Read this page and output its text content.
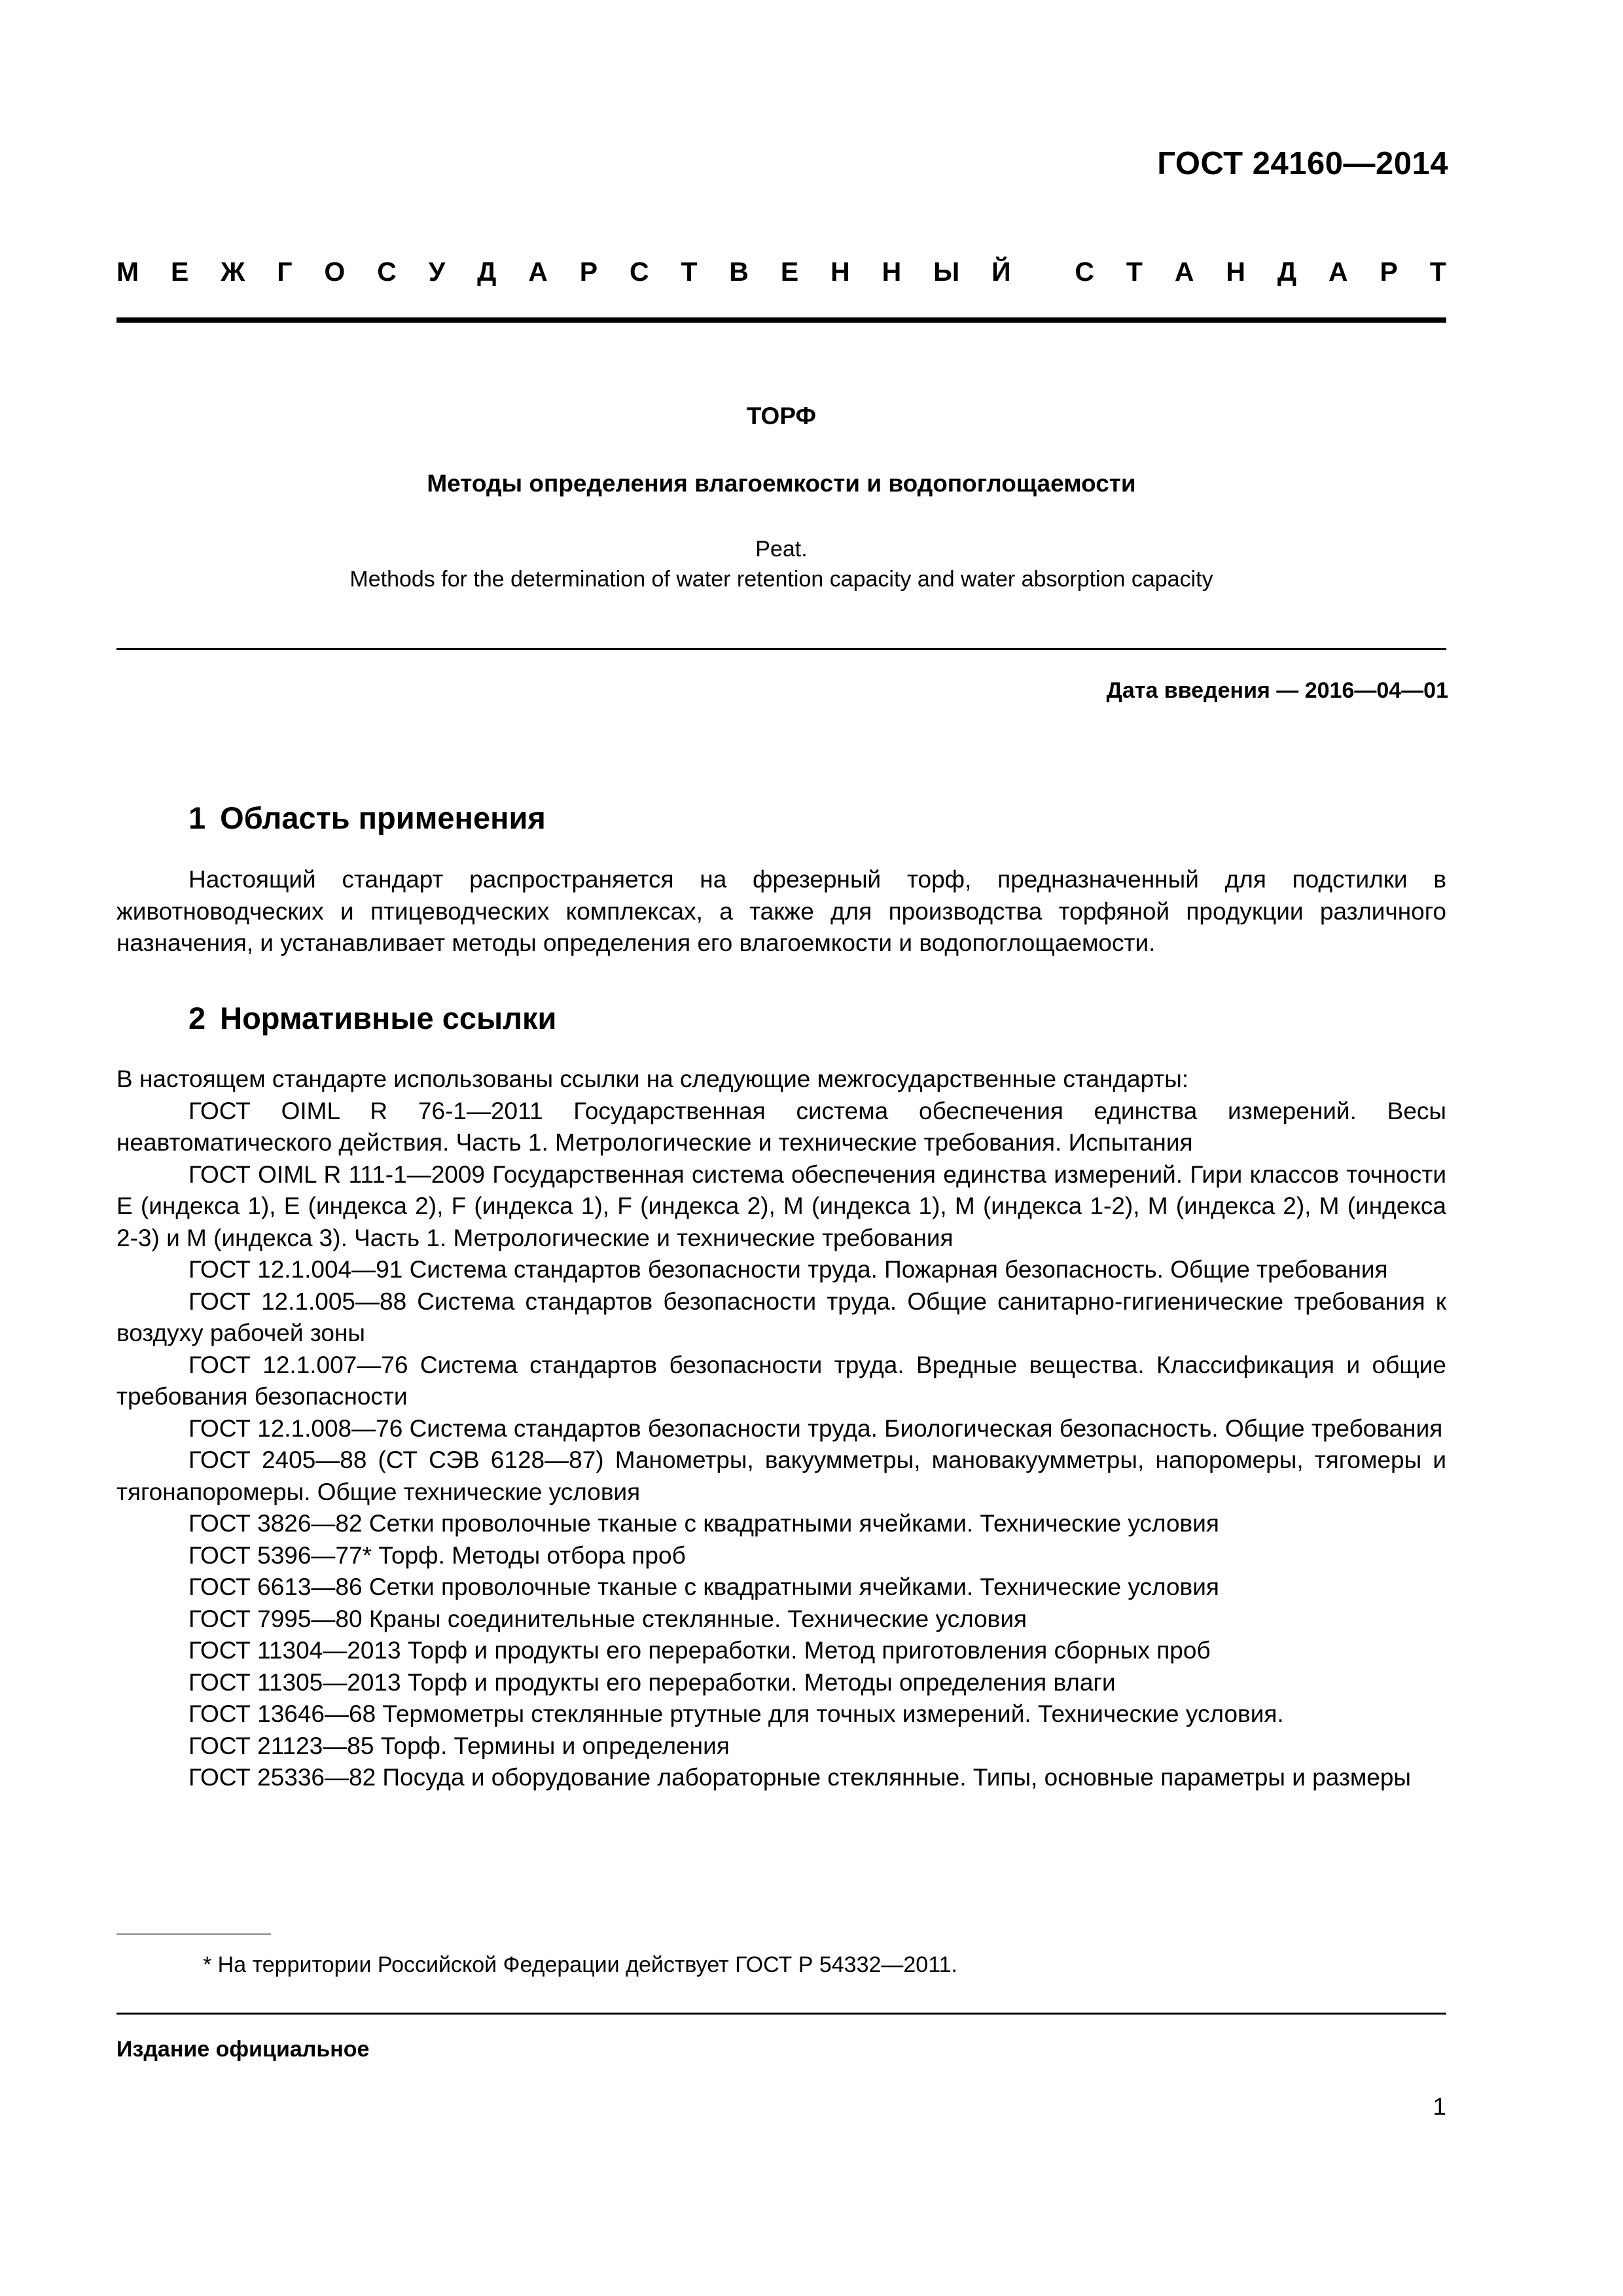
ГОСТ 24160—2014
М Е Ж Г О С У Д А Р С Т В Е Н Н Ы Й С Т А Н Д А Р Т
ТОРФ
Методы определения влагоемкости и водопоглощаемости
Peat.
Methods for the determination of water retention capacity and water absorption capacity
Дата введения — 2016—04—01
1 Область применения

Настоящий стандарт распространяется на фрезерный торф, предназначенный для подстилки в животноводческих и птицеводческих комплексах, а также для производства торфяной продукции различного назначения, и устанавливает методы определения его влагоемкости и водопоглощаемости.

2 Нормативные ссылки

В настоящем стандарте использованы ссылки на следующие межгосударственные стандарты:

ГОСТ OIML R 76-1—2011 Государственная система обеспечения единства измерений. Весы неавтоматического действия. Часть 1. Метрологические и технические требования. Испытания

ГОСТ OIML R 111-1—2009 Государственная система обеспечения единства измерений. Гири классов точности E (индекса 1), E (индекса 2), F (индекса 1), F (индекса 2), M (индекса 1), M (индекса 1-2), M (индекса 2), M (индекса 2-3) и M (индекса 3). Часть 1. Метрологические и технические требования

ГОСТ 12.1.004—91 Система стандартов безопасности труда. Пожарная безопасность. Общие требования

ГОСТ 12.1.005—88 Система стандартов безопасности труда. Общие санитарно-гигиенические требования к воздуху рабочей зоны

ГОСТ 12.1.007—76 Система стандартов безопасности труда. Вредные вещества. Классификация и общие требования безопасности

ГОСТ 12.1.008—76 Система стандартов безопасности труда. Биологическая безопасность. Общие требования

ГОСТ 2405—88 (СТ СЭВ 6128—87) Манометры, вакуумметры, мановакуумметры, напоромеры, тягомеры и тягонапоромеры. Общие технические условия

ГОСТ 3826—82 Сетки проволочные тканые с квадратными ячейками. Технические условия

ГОСТ 5396—77* Торф. Методы отбора проб

ГОСТ 6613—86 Сетки проволочные тканые с квадратными ячейками. Технические условия

ГОСТ 7995—80 Краны соединительные стеклянные. Технические условия

ГОСТ 11304—2013 Торф и продукты его переработки. Метод приготовления сборных проб

ГОСТ 11305—2013 Торф и продукты его переработки. Методы определения влаги

ГОСТ 13646—68 Термометры стеклянные ртутные для точных измерений. Технические условия.

ГОСТ 21123—85 Торф. Термины и определения

ГОСТ 25336—82 Посуда и оборудование лабораторные стеклянные. Типы, основные параметры и размеры

* На территории Российской Федерации действует ГОСТ Р 54332—2011.
Издание официальное
1
